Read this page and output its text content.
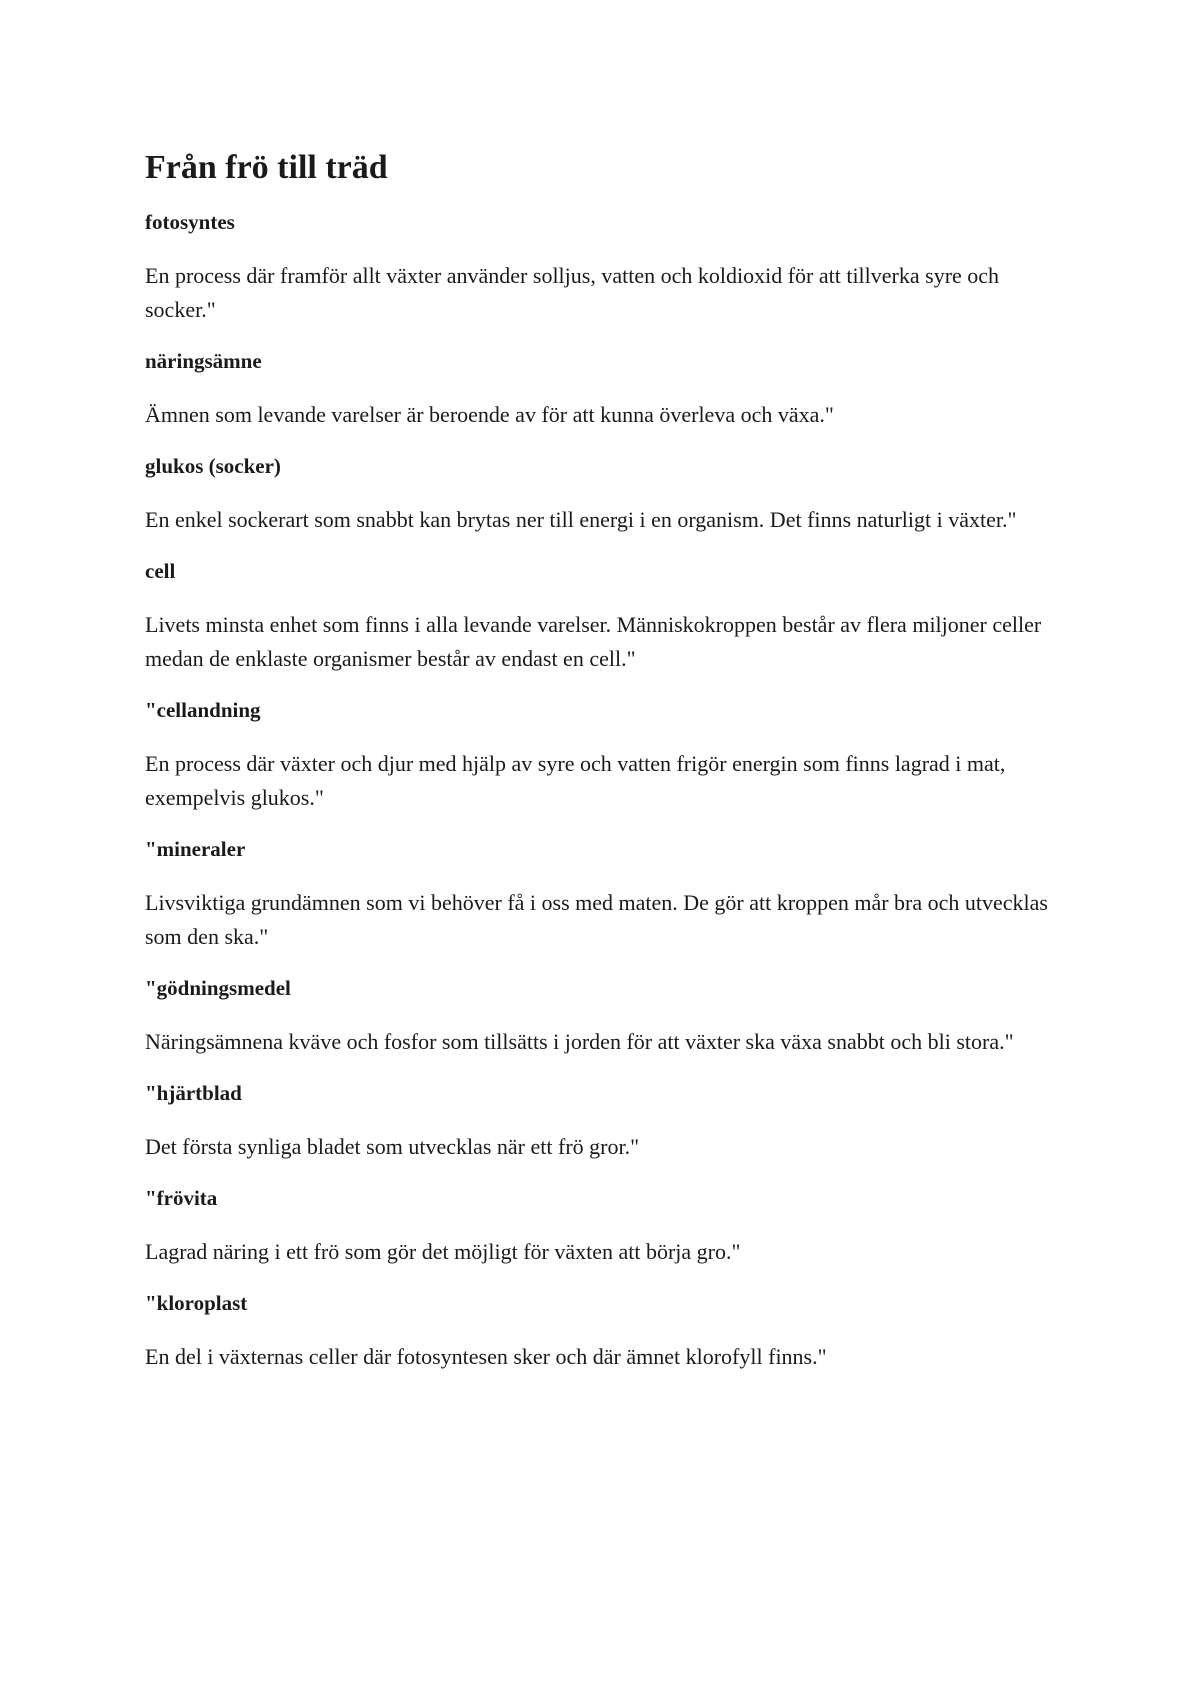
Från frö till träd
fotosyntes
En process där framför allt växter använder solljus, vatten och koldioxid för att tillverka syre och socker."
näringsämne
Ämnen som levande varelser är beroende av för att kunna överleva och växa."
glukos (socker)
En enkel sockerart som snabbt kan brytas ner till energi i en organism. Det finns naturligt i växter."
cell
Livets minsta enhet som finns i alla levande varelser. Människokroppen består av flera miljoner celler medan de enklaste organismer består av endast en cell."
"cellandning
En process där växter och djur med hjälp av syre och vatten frigör energin som finns lagrad i mat, exempelvis glukos."
"mineraler
Livsviktiga grundämnen som vi behöver få i oss med maten. De gör att kroppen mår bra och utvecklas som den ska."
"gödningsmedel
Näringsämnena kväve och fosfor som tillsätts i jorden för att växter ska växa snabbt och bli stora."
"hjärtblad
Det första synliga bladet som utvecklas när ett frö gror."
"frövita
Lagrad näring i ett frö som gör det möjligt för växten att börja gro."
"kloroplast
En del i växternas celler där fotosyntesen sker och där ämnet klorofyll finns."
